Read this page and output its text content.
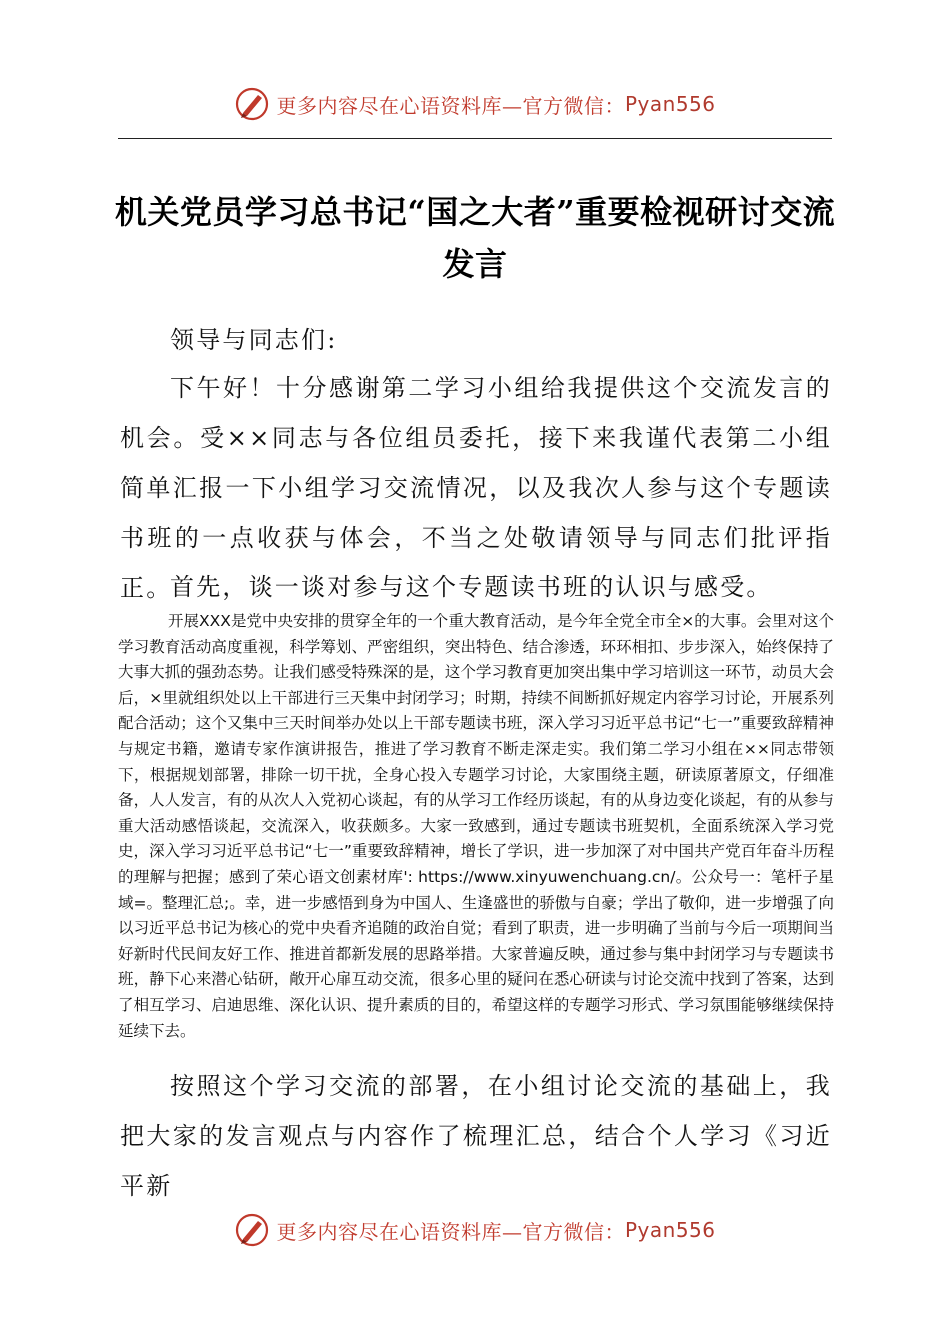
更多内容尽在心语资料库—官方微信： Pyan556
机关党员学习总书记“国之大者”重要检视研讨交流发言

领导与同志们:

下午好！十分感谢第二学习小组给我提供这个交流发言的机会。受××同志与各位组员委托，接下来我谨代表第二小组简单汇报一下小组学习交流情况，以及我次人参与这个专题读书班的一点收获与体会，不当之处敬请领导与同志们批评指正。

首先，谈一谈对参与这个专题读书班的认识与感受。

开展XXX是党中央安排的贯穿全年的一个重大教育活动，是今年全党全市全×的大事。会里对这个学习教育活动高度重视，科学筹划、严密组织，突出特色、结合渗透，环环相扣、步步深入，始终保持了大事大抓的强劲态势。让我们感受特殊深的是，这个学习教育更加突出集中学习培训这一环节，动员大会后，×里就组织处以上干部进行三天集中封闭学习；时期，持续不间断抓好规定内容学习讨论，开展系列配合活动；这个又集中三天时间举办处以上干部专题读书班，深入学习习近平总书记“七一”重要致辞精神与规定书籍，邀请专家作演讲报告，推进了学习教育不断走深走实。我们第二学习小组在××同志带领下，根据规划部署，排除一切干扰，全身心投入专题学习讨论，大家围绕主题，研读原著原文，仔细准备，人人发言，有的从次人入党初心谈起，有的从学习工作经历谈起，有的从身边变化谈起，有的从参与重大活动感悟谈起，交流深入，收获颇多。大家一致感到，通过专题读书班契机，全面系统深入学习党史，深入学习习近平总书记“七一”重要致辞精神，增长了学识，进一步加深了对中国共产党百年奋斗历程的理解与把握；感到了荣心语文创素材库': https://www.xinyuwenchuang.cn/。公众号一：笔杆子星域=。整理汇总;。幸，进一步感悟到身为中国人、生逢盛世的骄傲与自豪；学出了敬仰，进一步增强了向以习近平总书记为核心的党中央看齐追随的政治自觉；看到了职责，进一步明确了当前与今后一项期间当好新时代民间友好工作、推进首都新发展的思路举措。大家普遍反映，通过参与集中封闭学习与专题读书班，静下心来潜心钻研，敞开心扉互动交流，很多心里的疑问在悉心研读与讨论交流中找到了答案，达到了相互学习、启迪思维、深化认识、提升素质的目的，希望这样的专题学习形式、学习氛围能够继续保持延续下去。

按照这个学习交流的部署，在小组讨论交流的基础上，我把大家的发言观点与内容作了梳理汇总，结合个人学习《习近平新

更多内容尽在心语资料库—官方微信： Pyan556
